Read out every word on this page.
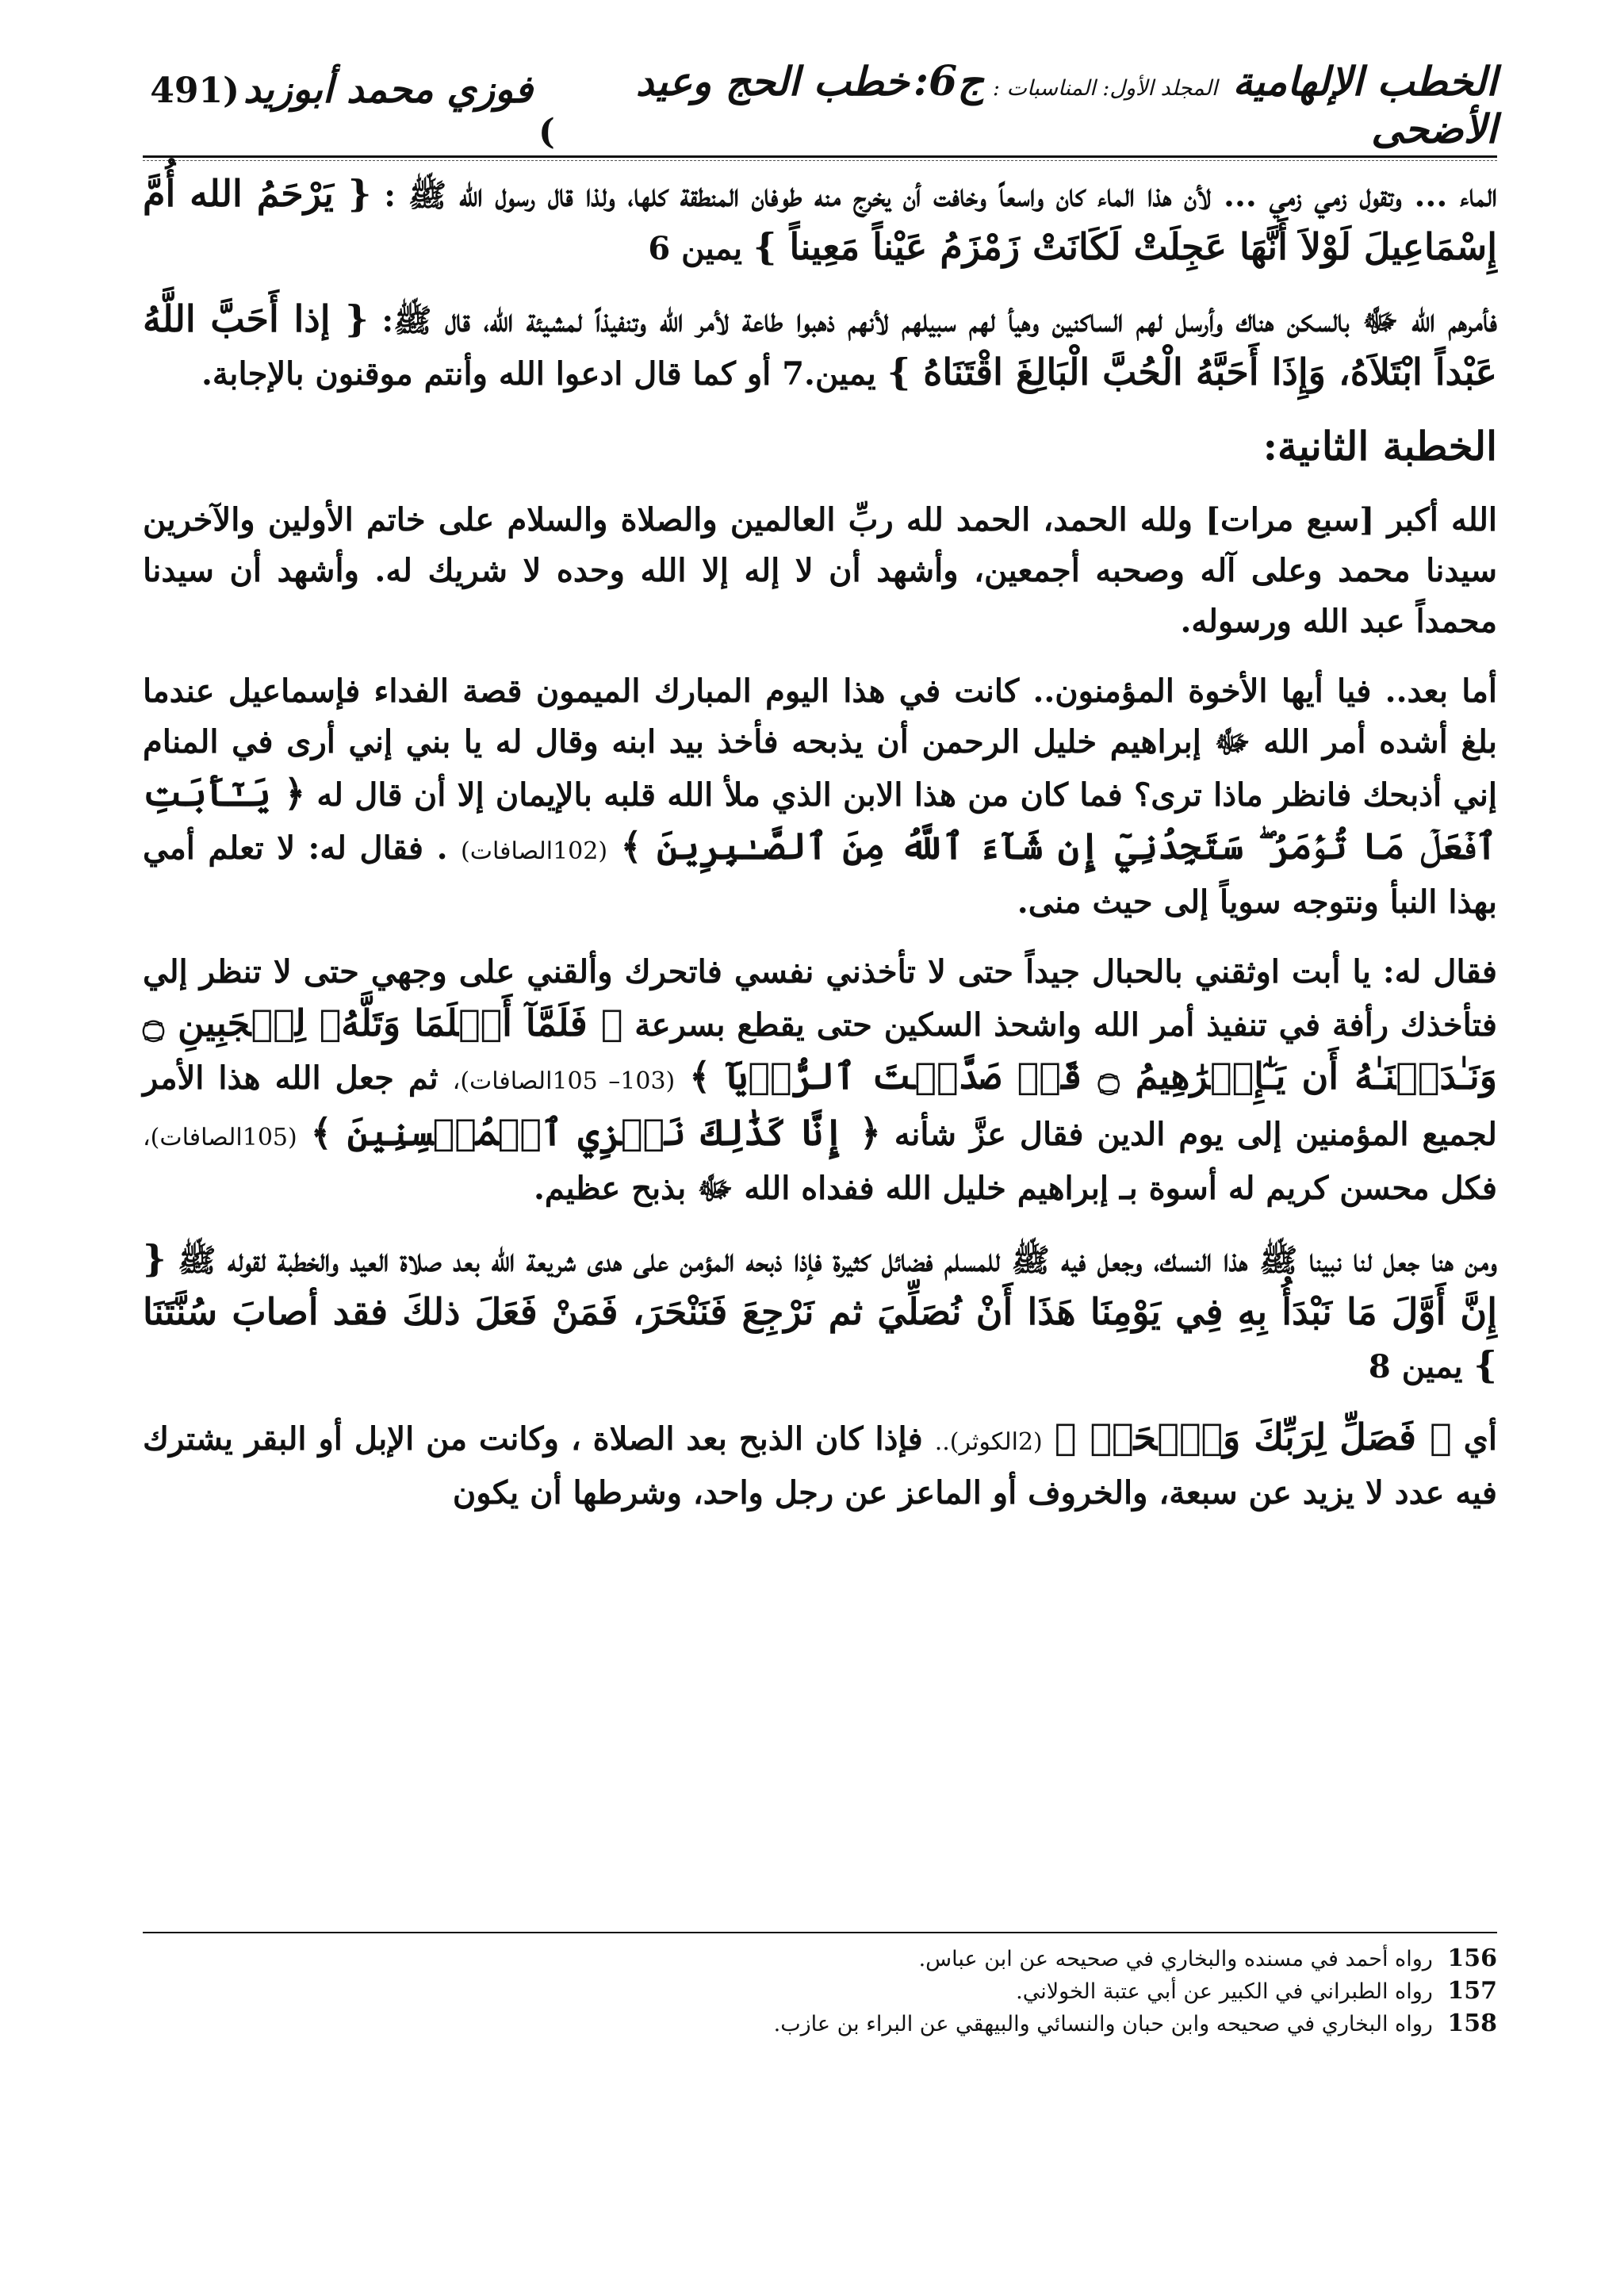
الخطب الإلهامية المجلد الأول: المناسبات : ج6: خطب الحج وعيد الأضحى
فوزي محمد أبوزيد (491 )

الماء ... وتقول زمي زمي ... لأن هذا الماء كان واسعاً وخافت أن يخرج منه طوفان المنطقة كلها، ولذا قال رسول الله ﷺ : { يَرْحَمُ الله أُمَّ إِسْمَاعِيلَ لَوْلاَ أَنَّهَا عَجِلَتْ لَكَانَتْ زَمْزَمُ عَيْناً مَعِيناً } يمين 6

فأمرهم الله ﷻ بالسكن هناك وأرسل لهم الساكنين وهيأ لهم سبيلهم لأنهم ذهبوا طاعة لأمر الله وتنفيذاً لمشيئة الله، قال ﷺ: { إذا أَحَبَّ اللَّهُ عَبْداً ابْتَلاَهُ، وَإِذَا أَحَبَّهُ الْحُبَّ الْبَالِغَ اقْتَنَاهُ } يمين.7 أو كما قال ادعوا الله وأنتم موقنون بالإجابة.

الخطبة الثانية:

الله أكبر [سبع مرات] ولله الحمد، الحمد لله ربِّ العالمين والصلاة والسلام على خاتم الأولين والآخرين سيدنا محمد وعلى آله وصحبه أجمعين، وأشهد أن لا إله إلا الله وحده لا شريك له. وأشهد أن سيدنا محمداً عبد الله ورسوله.

أما بعد.. فيا أيها الأخوة المؤمنون.. كانت في هذا اليوم المبارك الميمون قصة الفداء فإسماعيل عندما بلغ أشده أمر الله ﷻ إبراهيم خليل الرحمن أن يذبحه فأخذ بيد ابنه وقال له يا بني إني أرى في المنام إني أذبحك فانظر ماذا ترى؟ فما كان من هذا الابن الذي ملأ الله قلبه بالإيمان إلا أن قال له ﴿ يَـٰٓأَبَتِ ٱفۡعَلۡ مَا تُؤۡمَرُ ۖ سَتَجِدُنِيٓ إِن شَآءَ ٱللَّهُ مِنَ ٱلصَّـٰبِرِينَ ﴾ (102الصافات) . فقال له: لا تعلم أمي بهذا النبأ ونتوجه سوياً إلى حيث منى.

فقال له: يا أبت اوثقني بالحبال جيداً حتى لا تأخذني نفسي فاتحرك وألقني على وجهي حتى لا تنظر إلي فتأخذك رأفة في تنفيذ أمر الله واشحذ السكين حتى يقطع بسرعة ﴿ فَلَمَّآ أَسۡلَمَا وَتَلَّهُۥ لِلۡجَبِينِ ۝ وَنَـٰدَيۡنَـٰهُ أَن يَـٰٓإِبۡرَٰهِيمُ ۝ قَدۡ صَدَّقۡتَ ٱلرُّءۡيَآ ﴾ (103– 105الصافات)، ثم جعل الله هذا الأمر لجميع المؤمنين إلى يوم الدين فقال عزَّ شأنه ﴿ إِنَّا كَذَٰلِكَ نَجۡزِي ٱلۡمُحۡسِنِينَ ﴾ (105الصافات)، فكل محسن كريم له أسوة بـ إبراهيم خليل الله ففداه الله ﷻ بذبح عظيم.

ومن هنا جعل لنا نبينا ﷺ هذا النسك، وجعل فيه ﷺ للمسلم فضائل كثيرة فإذا ذبحه المؤمن على هدى شريعة الله بعد صلاة العيد والخطبة لقوله ﷺ { إِنَّ أَوَّلَ مَا نَبْدَأُ بِهِ فِي يَوْمِنَا هَذَا أَنْ نُصَلِّيَ ثم نَرْجِعَ فَنَنْحَرَ، فَمَنْ فَعَلَ ذلكَ فقد أصابَ سُنَّتَنَا } يمين 8

أي ﴿ فَصَلِّ لِرَبِّكَ وَٱنۡحَرۡ ﴾ (2الكوثر).. فإذا كان الذبح بعد الصلاة ، وكانت من الإبل أو البقر يشترك فيه عدد لا يزيد عن سبعة، والخروف أو الماعز عن رجل واحد، وشرطها أن يكون

156 رواه أحمد في مسنده والبخاري في صحيحه عن ابن عباس.
157 رواه الطبراني في الكبير عن أبي عتبة الخولاني.
158 رواه البخاري في صحيحه وابن حبان والنسائي والبيهقي عن البراء بن عازب.
